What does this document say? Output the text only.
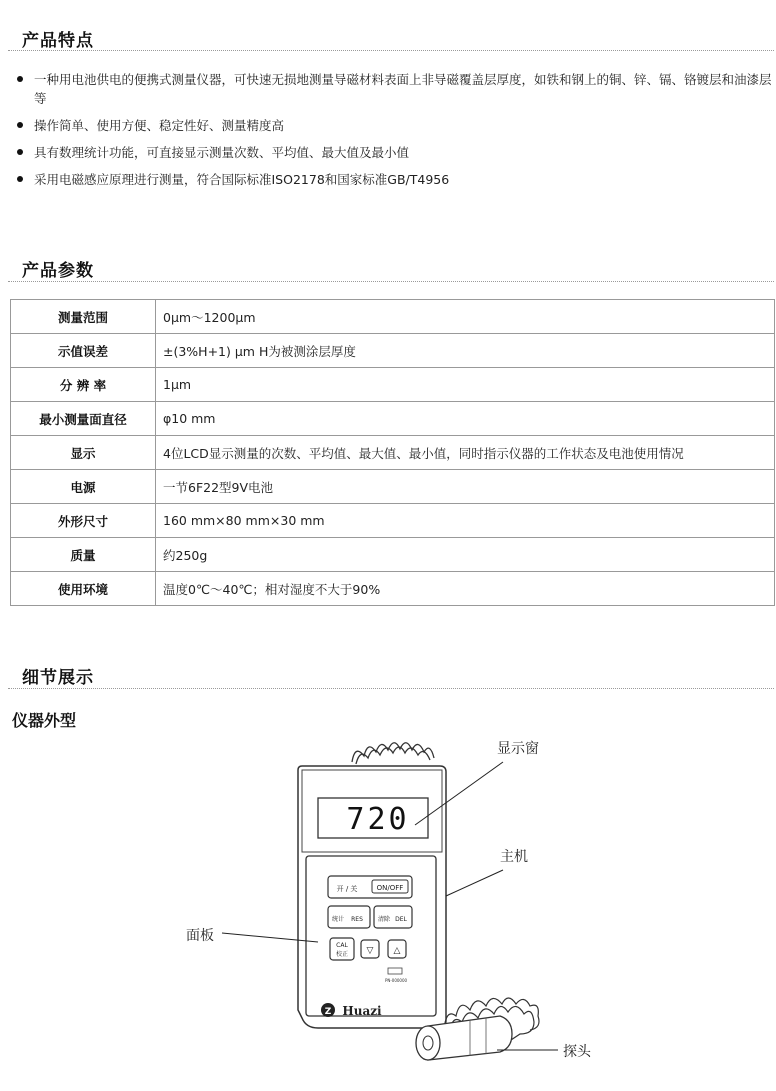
产品特点
一种用电池供电的便携式测量仪器，可快速无损地测量导磁材料表面上非导磁覆盖层厚度，如铁和钢上的铜、锌、镉、铬镀层和油漆层等
操作简单、使用方便、稳定性好、测量精度高
具有数理统计功能，可直接显示测量次数、平均值、最大值及最小值
采用电磁感应原理进行测量，符合国际标准ISO2178和国家标准GB/T4956
产品参数
测量范围	0μm～1200μm
示值误差	±(3%H+1) μm H为被测涂层厚度
分 辨 率	1μm
最小测量面直径	φ10 mm
显示	4位LCD显示测量的次数、平均值、最大值、最小值，同时指示仪器的工作状态及电池使用情况
电源	一节6F22型9V电池
外形尺寸	160 mm×80 mm×30 mm
质量	约250g
使用环境	温度0℃～40℃；相对湿度不大于90%
细节展示
仪器外型
720
开 / 关	ON/OFF
统计 RES	清除 DEL
CAL
校正 ▽ △
PN-000000
Z Huazi
显示窗
主机
面板
探头
